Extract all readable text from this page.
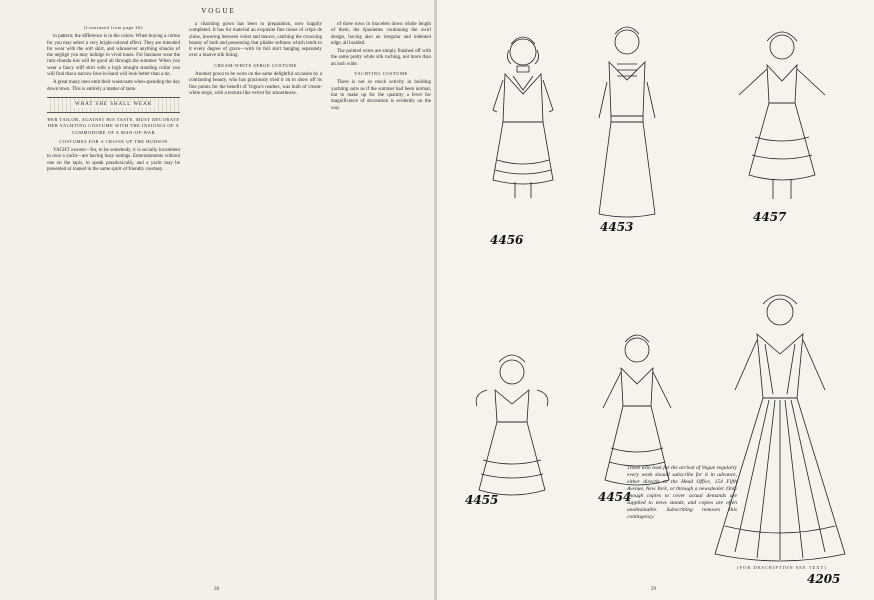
VOGUE
(Continued from page 26)

in pattern; the difference is in the colors. When buying a cotton for you may select a very bright-colored effect. They are intended for wear with the soft shirt, and whosoever anything smacks of the négligé you may indulge in vivid tones. For business wear the rum-chunda ties will be good all through the summer. When you wear a fancy stiff shirt with a high straight standing collar you will find that a narrow four-in-hand will look better than a tie.

A great many men omit their waistcoats when spending the day down town. This is entirely a matter of taste.

WHAT SHE SHALL WEAR
HER TAILOR, AGAINST HIS TASTE, MUST DECORATE HER YACHTING COSTUME WITH THE INSIGNIA OF A COMMODORE OF A MAN-OF-WAR
COSTUMES FOR A CRUISE UP THE HUDSON

YACHT owners—for, to be somebody, it is socially incumbent to own a yacht—are having busy outings. Entertainments without one on the tapis, to speak paradoxically, and a yacht may be presented or loaned in the same spirit of friendly courtesy.

a charming gown has been in preparation, now happily completed. It has for material an exquisite fine tissue of crêpe de chine, lowering between violet and mauve, catching the crowning beauty of both and possessing that pliable softness which lends to it every degree of grace—with its full skirt hanging separately over a mauve silk lining.

CREAM-WHITE SERGE COSTUME

Another gown to be worn on the same delightful occasion by a contrasting beauty, who has graciously tried it on to show off its fine points for the benefit of Vogue's readers, was built of cream-white serge, with a texture like velvet for smoothness.

of three rows in bracelets down whole length of them, the épaulettes continuing the swirl design, having also an irregular and indented edge, all braided.

The pointed wires are simply finished off with the same pretty white silk ruching, not more than an inch wide.

YACHTING COSTUME

There is not so much activity in building yachting suits as if the summer had been normal, but to make up for the quantity a fever for magnificence of decoration is evidently on the way.

28
4456
4453
4457
4455	4454
4205
Those who look for the arrival of Vogue regularly every week should subscribe for it in advance, either directly to the Head Office, 154 Fifth Avenue, New York, or through a newsdealer. Only enough copies to cover actual demands are supplied to news stands, and copies are often unobtainable. Subscribing removes this contingency.
(FOR DESCRIPTION SEE TEXT)
29
